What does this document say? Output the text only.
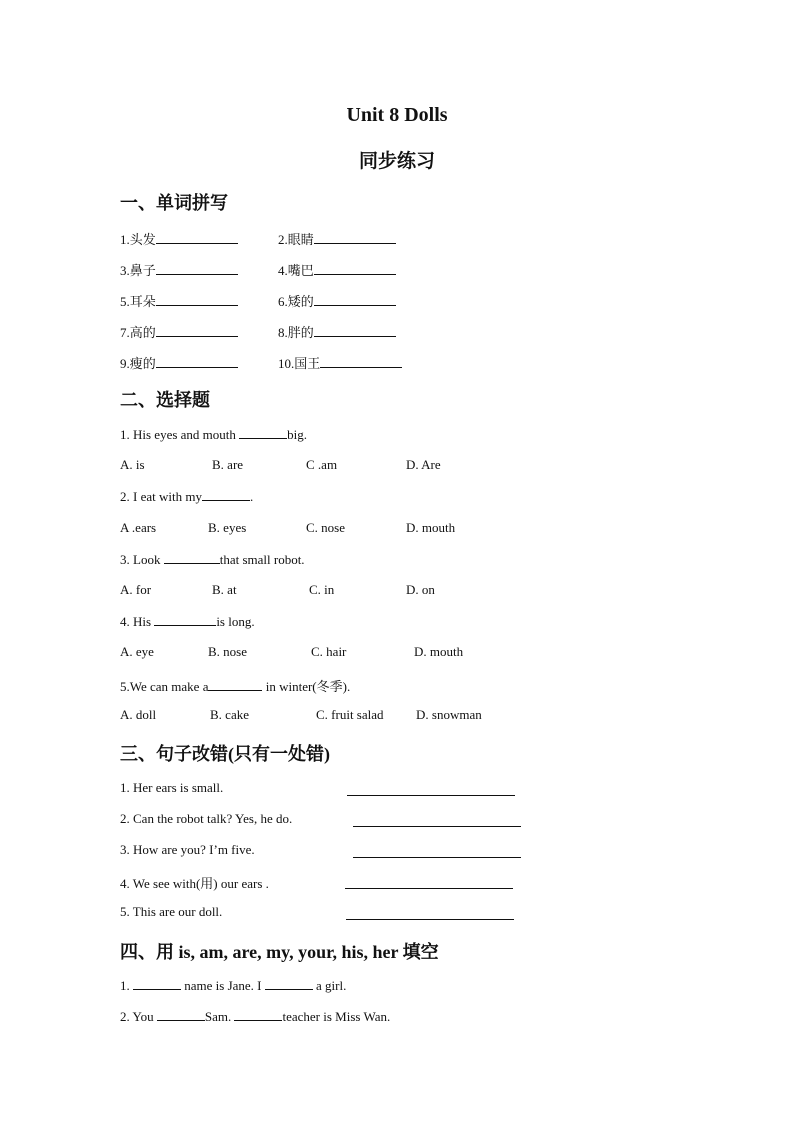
Unit 8 Dolls
同步练习
一、单词拼写
1.头发	2.眼睛
3.鼻子	4.嘴巴
5.耳朵	6.矮的
7.高的	8.胖的
9.瘦的	10.国王
二、选择题
1. His eyes and mouth	big.
A. is	B. are	C .am	D. Are
2. I eat with my	.
A .ears	B. eyes	C. nose	D. mouth
3. Look	that small robot.
A. for	B. at	C. in	D. on
4. His	is long.
A. eye	B. nose	C. hair	D. mouth
5.We can make a	in winter(冬季).
A. doll	B. cake	C. fruit salad D. snowman
三、句子改错(只有一处错)
1. Her ears is small.
2. Can the robot talk? Yes, he do.
3. How are you? I’m five.
4. We see with(用) our ears .
5. This are our doll.
四、用 is, am, are, my, your, his, her 填空
1.	name is Jane. I	a girl.
2. You	Sam.	teacher is Miss Wan.
